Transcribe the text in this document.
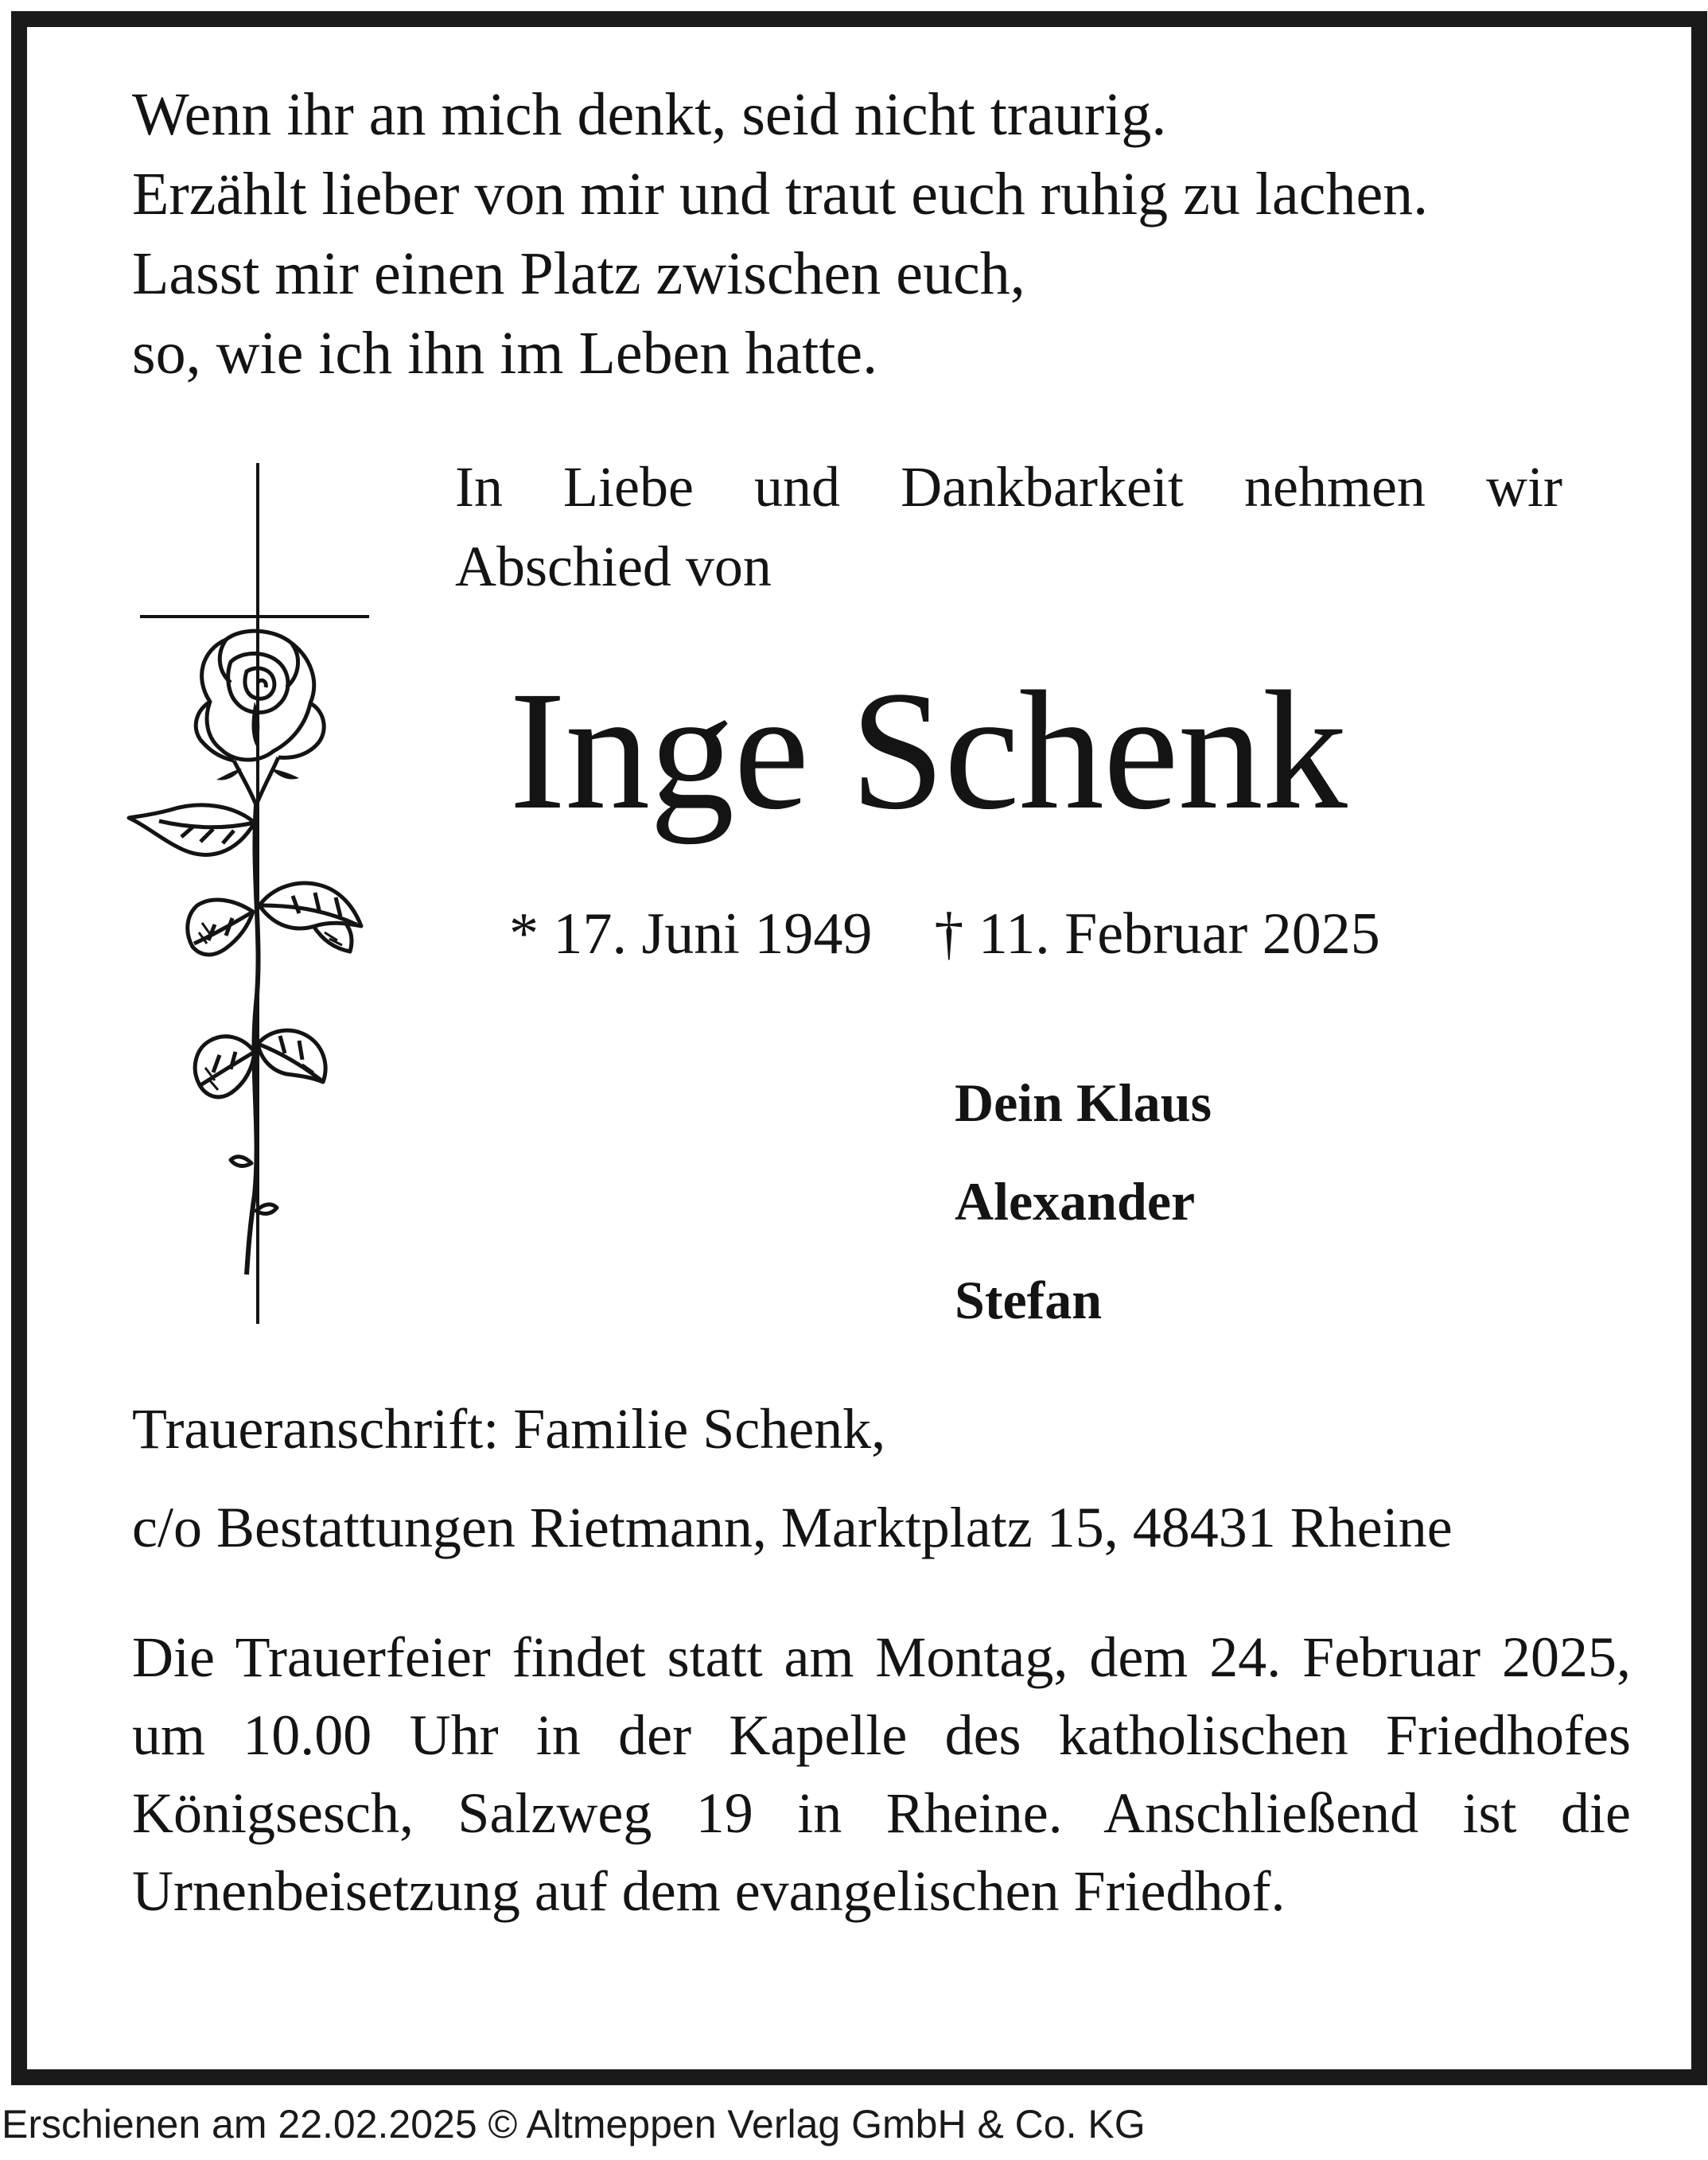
Wenn ihr an mich denkt, seid nicht traurig.
Erzählt lieber von mir und traut euch ruhig zu lachen.
Lasst mir einen Platz zwischen euch,
so, wie ich ihn im Leben hatte.
In Liebe und Dankbarkeit nehmen wir
Abschied von
Inge Schenk
* 17. Juni 1949 † 11. Februar 2025
Dein Klaus
Alexander
Stefan
Traueranschrift: Familie Schenk,
c/o Bestattungen Rietmann, Marktplatz 15, 48431 Rheine
Die Trauerfeier findet statt am Montag, dem 24. Februar 2025, um 10.00 Uhr in der Kapelle des katholischen Friedhofes Königsesch, Salzweg 19 in Rheine. Anschließend ist die Urnenbeisetzung auf dem evangelischen Friedhof.
Erschienen am 22.02.2025 © Altmeppen Verlag GmbH & Co. KG
